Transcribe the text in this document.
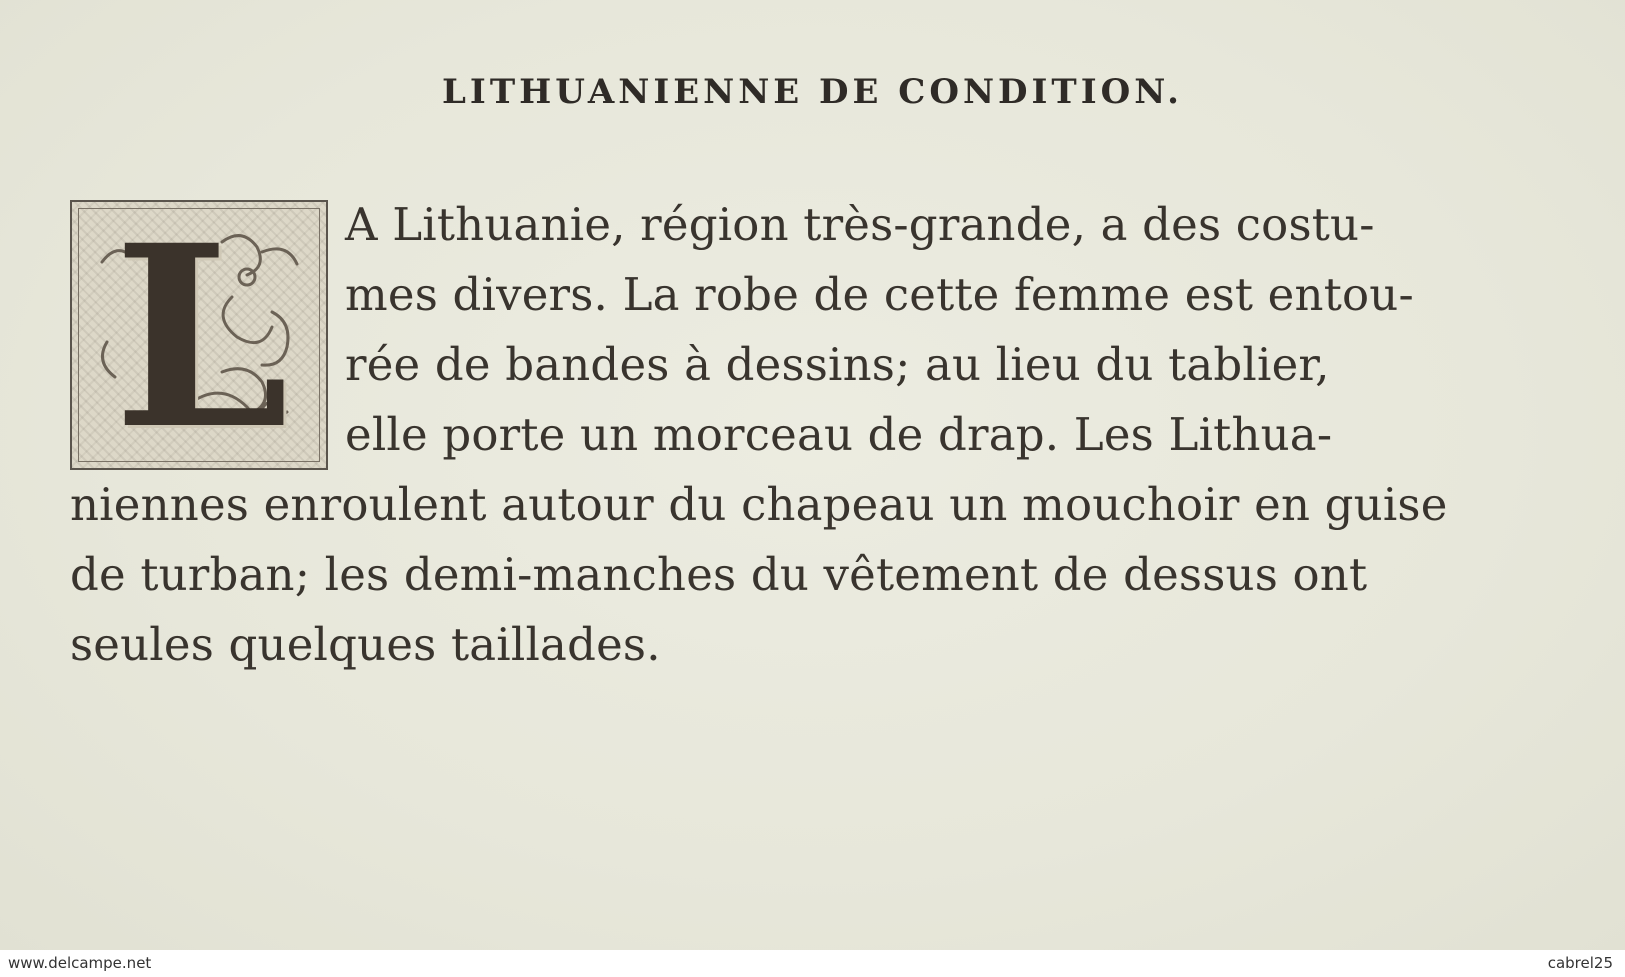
LITHUANIENNE DE CONDITION.
L	A Lithuanie, région très-grande, a des costu-
mes divers. La robe de cette femme est entou-
rée de bandes à dessins; au lieu du tablier,
elle porte un morceau de drap. Les Lithua-
niennes enroulent autour du chapeau un mouchoir en guise
de turban; les demi-manches du vêtement de dessus ont
seules quelques taillades.
www.delcampe.net	cabrel25
